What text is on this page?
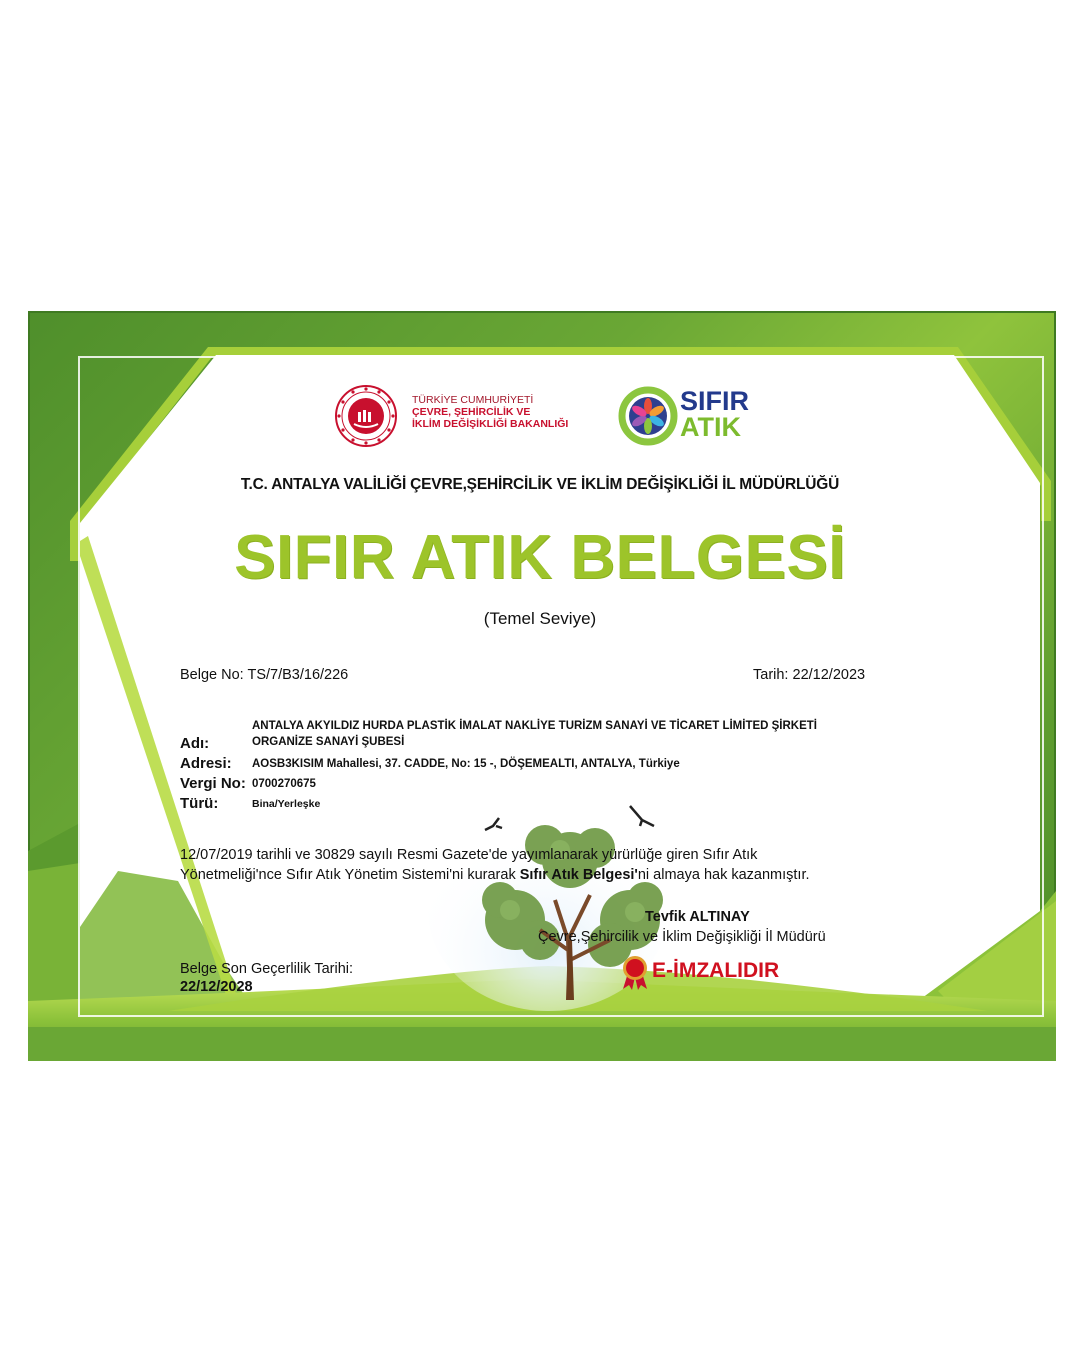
TÜRKİYE CUMHURİYETİ
ÇEVRE, ŞEHİRCİLİK VE
İKLİM DEĞİŞİKLİĞİ BAKANLIĞI
SIFIR
ATIK
T.C. ANTALYA VALİLİĞİ ÇEVRE,ŞEHİRCİLİK VE İKLİM DEĞİŞİKLİĞİ İL MÜDÜRLÜĞÜ
SIFIR ATIK BELGESİ
(Temel Seviye)
Belge No: TS/7/B3/16/226	Tarih: 22/12/2023
Adı:
ANTALYA AKYILDIZ HURDA PLASTİK İMALAT NAKLİYE TURİZM SANAYİ VE TİCARET LİMİTED ŞİRKETİ
ORGANİZE SANAYİ ŞUBESİ
Adresi: AOSB3KISIM Mahallesi, 37. CADDE, No: 15 -, DÖŞEMEALTI, ANTALYA, Türkiye
Vergi No: 0700270675
Türü:	Bina/Yerleşke
12/07/2019 tarihli ve 30829 sayılı Resmi Gazete'de yayımlanarak yürürlüğe giren Sıfır Atık
Yönetmeliği'nce Sıfır Atık Yönetim Sistemi'ni kurarak Sıfır Atık Belgesi'ni almaya hak kazanmıştır.
Tevfik ALTINAY
Çevre,Şehircilik ve İklim Değişikliği İl Müdürü
E-İMZALIDIR
Belge Son Geçerlilik Tarihi:
22/12/2028
